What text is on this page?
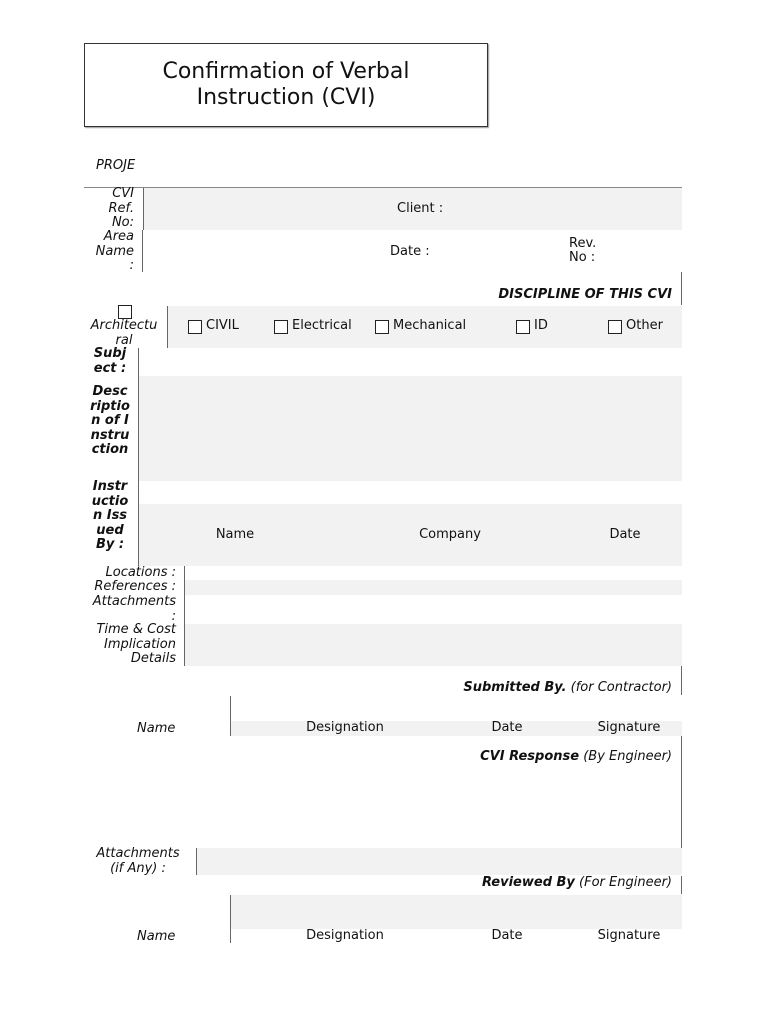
Confirmation of Verbal Instruction (CVI)
PROJE
CVI Ref. No:
Client :
Area Name :
Date :
Rev. No :
DISCIPLINE OF THIS CVI
Architectural
CIVIL	Electrical	Mechanical	ID	Other
Subject :
Description of Instruction
Instruction Issued By :
Name	Company	Date
Locations :
References :
Attachments :
Time & Cost Implication Details
Submitted By. (for Contractor)
Name	Designation	Date	Signature
CVI Response (By Engineer)
Attachments (if Any) :
Reviewed By (For Engineer)
Name	Designation	Date	Signature
